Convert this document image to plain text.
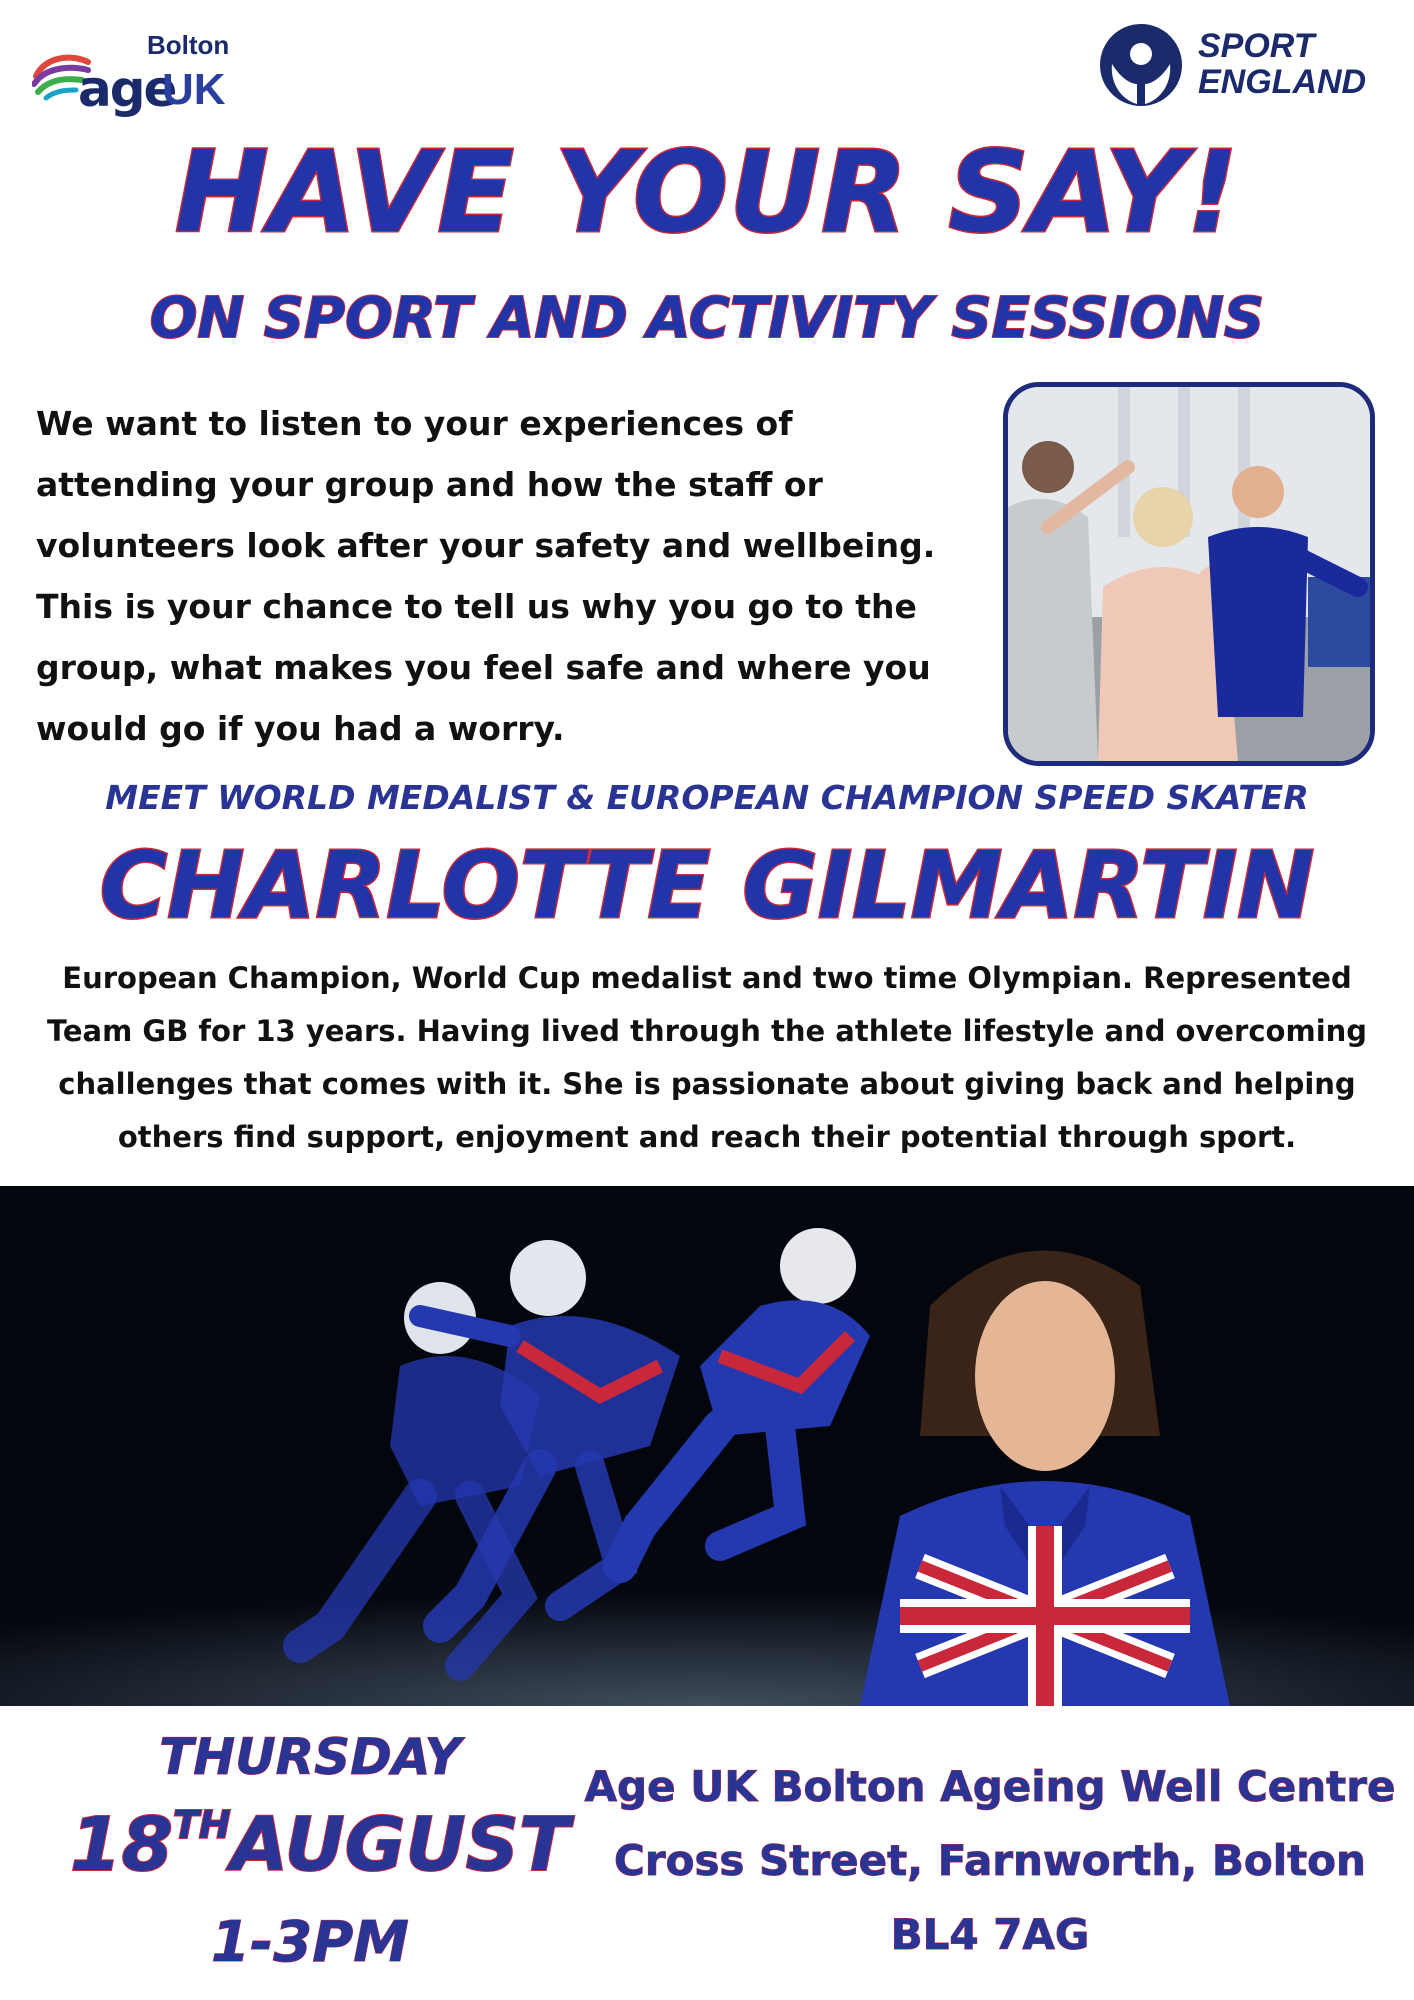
Bolton
age
UK
SPORT
ENGLAND
HAVE YOUR SAY!
ON SPORT AND ACTIVITY SESSIONS

We want to listen to your experiences of attending your group and how the staff or volunteers look after your safety and wellbeing.

This is your chance to tell us why you go to the group, what makes you feel safe and where you would go if you had a worry.

MEET WORLD MEDALIST & EUROPEAN CHAMPION SPEED SKATER
CHARLOTTE GILMARTIN
European Champion, World Cup medalist and two time Olympian. Represented Team GB for 13 years. Having lived through the athlete lifestyle and overcoming challenges that comes with it. She is passionate about giving back and helping others find support, enjoyment and reach their potential through sport.
THURSDAY
18THAUGUST
1-3PM
Age UK Bolton Ageing Well Centre
Cross Street, Farnworth, Bolton
BL4 7AG
